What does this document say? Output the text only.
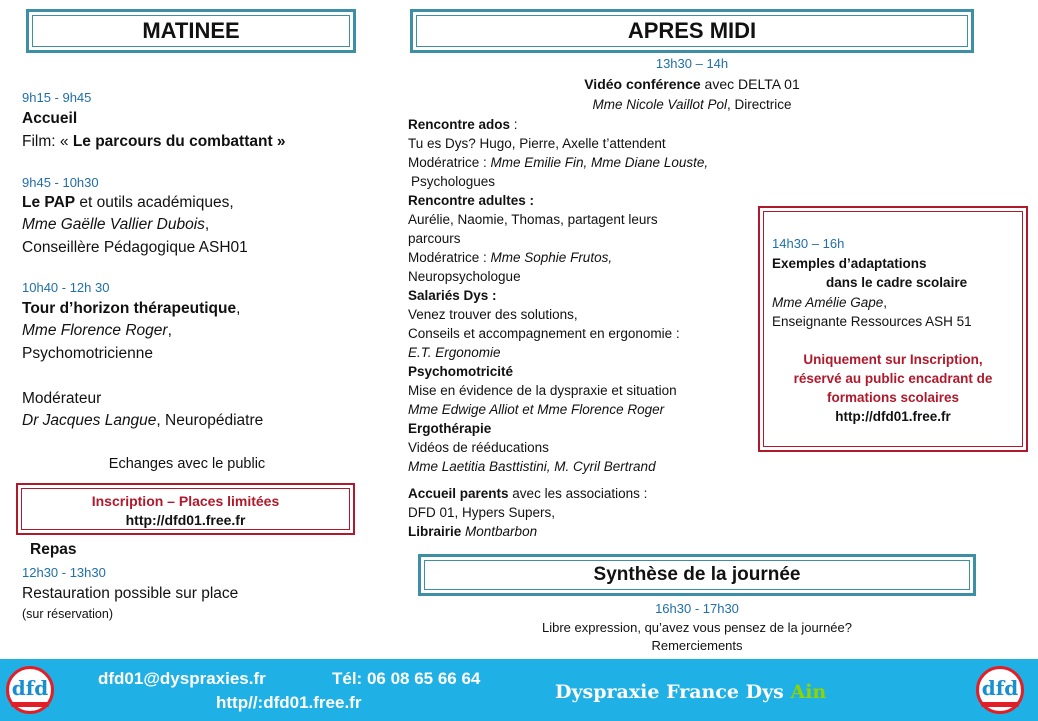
MATINEE	APRES MIDI
9h15 - 9h45
Accueil
Film: « Le parcours du combattant »
9h45 - 10h30
Le PAP et outils académiques,
Mme Gaëlle Vallier Dubois,
Conseillère Pédagogique ASH01
10h40 - 12h 30
Tour d’horizon thérapeutique,
Mme Florence Roger,
Psychomotricienne
Modérateur
Dr Jacques Langue, Neuropédiatre
Echanges avec le public
Inscription – Places limitées
http://dfd01.free.fr
Repas
12h30 - 13h30
Restauration possible sur place
(sur réservation)
13h30 – 14h
Vidéo conférence avec DELTA 01
Mme Nicole Vaillot Pol, Directrice
Rencontre ados :
Tu es Dys? Hugo, Pierre, Axelle t’attendent
Modératrice : Mme Emilie Fin, Mme Diane Louste,
Psychologues
Rencontre adultes :
Aurélie, Naomie, Thomas, partagent leurs
parcours
Modératrice : Mme Sophie Frutos,
Neuropsychologue
Salariés Dys :
Venez trouver des solutions,
Conseils et accompagnement en ergonomie :
E.T. Ergonomie
Psychomotricité
Mise en évidence de la dyspraxie et situation
Mme Edwige Alliot et Mme Florence Roger
Ergothérapie
Vidéos de rééducations
Mme Laetitia Basttistini, M. Cyril Bertrand
Accueil parents avec les associations :
DFD 01, Hypers Supers,
Librairie Montbarbon
14h30 – 16h
Exemples d’adaptations
dans le cadre scolaire
Mme Amélie Gape,
Enseignante Ressources ASH 51
Uniquement sur Inscription,
réservé au public encadrant de
formations scolaires
http://dfd01.free.fr
Synthèse de la journée
16h30 - 17h30
Libre expression, qu’avez vous pensez de la journée?
Remerciements
dfd	dfd01@dyspraxies.fr	Tél: 06 08 65 66 64
http//:dfd01.free.fr	Dyspraxie France Dys Ain	dfd
